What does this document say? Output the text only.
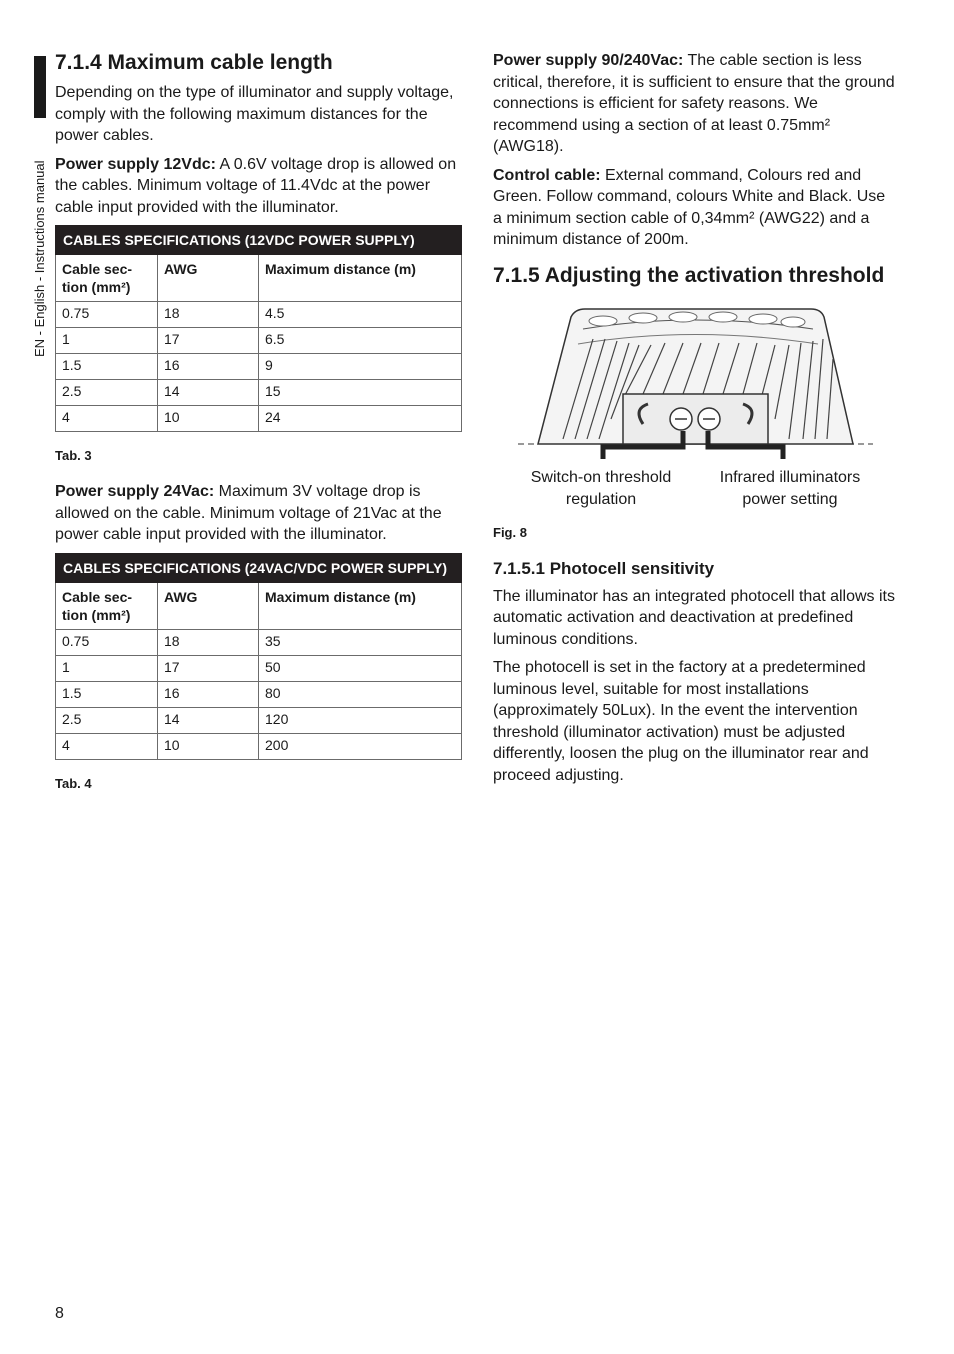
EN - English - Instructions manual
7.1.4 Maximum cable length

Depending on the type of illuminator and supply voltage, comply with the following maximum distances for the power cables.

Power supply 12Vdc: A 0.6V voltage drop is allowed on the cables. Minimum voltage of 11.4Vdc at the power cable input provided with the illuminator.

CABLES SPECIFICATIONS (12VDC POWER SUPPLY)		
Cable sec-tion (mm²)	AWG	Maximum distance (m)
0.75	18	4.5
1	17	6.5
1.5	16	9
2.5	14	15
4	10	24
Tab. 3

Power supply 24Vac: Maximum 3V voltage drop is allowed on the cable. Minimum voltage of 21Vac at the power cable input provided with the illuminator.

CABLES SPECIFICATIONS (24VAC/VDC POWER SUPPLY)		
Cable sec-tion (mm²)	AWG	Maximum distance (m)
0.75	18	35
1	17	50
1.5	16	80
2.5	14	120
4	10	200
Tab. 4

Power supply 90/240Vac: The cable section is less critical, therefore, it is sufficient to ensure that the ground connections is efficient for safety reasons. We recommend using a section of at least 0.75mm² (AWG18).

Control cable: External command, Colours red and Green. Follow command, colours White and Black. Use a minimum section cable of 0,34mm² (AWG22) and a minimum distance of 200m.

7.1.5 Adjusting the activation threshold
Switch-on threshold regulation
Infrared illuminators power setting
Fig. 8
7.1.5.1 Photocell sensitivity

The illuminator has an integrated photocell that allows its automatic activation and deactivation at predefined luminous conditions.

The photocell is set in the factory at a predetermined luminous level, suitable for most installations (approximately 50Lux). In the event the intervention threshold (illuminator activation) must be adjusted differently, loosen the plug on the illuminator rear and proceed adjusting.

8
